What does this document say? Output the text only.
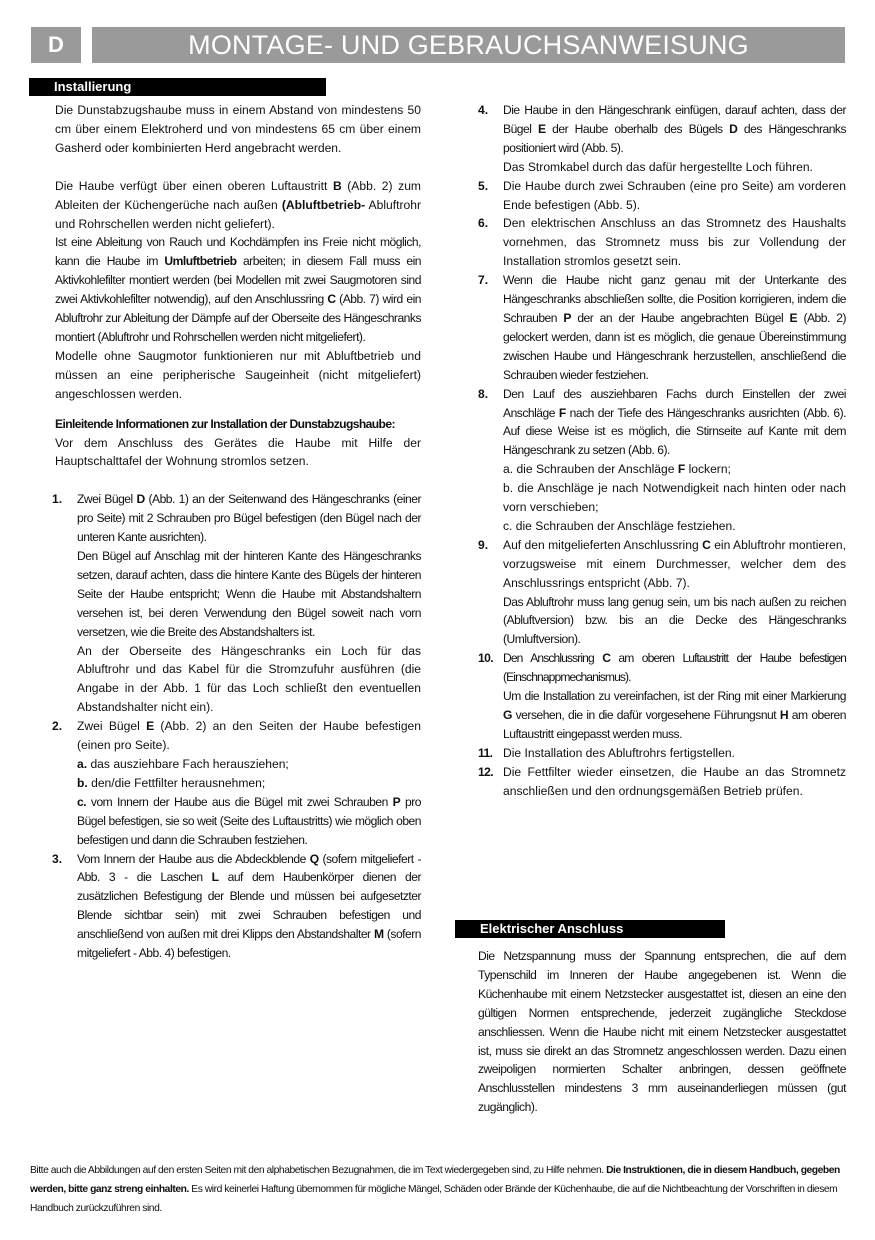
D	MONTAGE- UND GEBRAUCHSANWEISUNG
Installierung

Die Dunstabzugshaube muss in einem Abstand von mindestens 50 cm über einem Elektroherd und von mindestens 65 cm über einem Gasherd oder kombinierten Herd angebracht werden.

Die Haube verfügt über einen oberen Luftaustritt B (Abb. 2) zum Ableiten der Küchengerüche nach außen (Abluftbetrieb- Abluftrohr und Rohrschellen werden nicht geliefert).

Ist eine Ableitung von Rauch und Kochdämpfen ins Freie nicht möglich, kann die Haube im Umluftbetrieb arbeiten; in diesem Fall muss ein Aktivkohlefilter montiert werden (bei Modellen mit zwei Saugmotoren sind zwei Aktivkohlefilter notwendig), auf den Anschlussring C (Abb. 7) wird ein Abluftrohr zur Ableitung der Dämpfe auf der Oberseite des Hängeschranks montiert (Abluftrohr und Rohrschellen werden nicht mitgeliefert).

Modelle ohne Saugmotor funktionieren nur mit Abluftbetrieb und müssen an eine peripherische Saugeinheit (nicht mitgeliefert) angeschlossen werden.

Einleitende Informationen zur Installation der Dunstabzugshaube:

Vor dem Anschluss des Gerätes die Haube mit Hilfe der Hauptschalttafel der Wohnung stromlos setzen.

1.	Zwei Bügel D (Abb. 1) an der Seitenwand des Hängeschranks (einer pro Seite) mit 2 Schrauben pro Bügel befestigen (den Bügel nach der unteren Kante ausrichten).

Den Bügel auf Anschlag mit der hinteren Kante des Hängeschranks setzen, darauf achten, dass die hintere Kante des Bügels der hinteren Seite der Haube entspricht; Wenn die Haube mit Abstandshaltern versehen ist, bei deren Verwendung den Bügel soweit nach vorn versetzen, wie die Breite des Abstandshalters ist.

An der Oberseite des Hängeschranks ein Loch für das Abluftrohr und das Kabel für die Stromzufuhr ausführen (die Angabe in der Abb. 1 für das Loch schließt den eventuellen Abstandshalter nicht ein).

2.	Zwei Bügel E (Abb. 2) an den Seiten der Haube befestigen (einen pro Seite).

a. das ausziehbare Fach herausziehen;

b. den/die Fettfilter herausnehmen;

c. vom Innern der Haube aus die Bügel mit zwei Schrauben P pro Bügel befestigen, sie so weit (Seite des Luftaustritts) wie möglich oben befestigen und dann die Schrauben festziehen.

3.	Vom Innern der Haube aus die Abdeckblende Q (sofern mitgeliefert - Abb. 3 - die Laschen L auf dem Haubenkörper dienen der zusätzlichen Befestigung der Blende und müssen bei aufgesetzter Blende sichtbar sein) mit zwei Schrauben befestigen und anschließend von außen mit drei Klipps den Abstandshalter M (sofern mitgeliefert - Abb. 4) befestigen.

4.	Die Haube in den Hängeschrank einfügen, darauf achten, dass der Bügel E der Haube oberhalb des Bügels D des Hängeschranks positioniert wird (Abb. 5).

Das Stromkabel durch das dafür hergestellte Loch führen.

5.	Die Haube durch zwei Schrauben (eine pro Seite) am vorderen Ende befestigen (Abb. 5).

6.	Den elektrischen Anschluss an das Stromnetz des Haushalts vornehmen, das Stromnetz muss bis zur Vollendung der Installation stromlos gesetzt sein.

7.	Wenn die Haube nicht ganz genau mit der Unterkante des Hängeschranks abschließen sollte, die Position korrigieren, indem die Schrauben P der an der Haube angebrachten Bügel E (Abb. 2) gelockert werden, dann ist es möglich, die genaue Übereinstimmung zwischen Haube und Hängeschrank herzustellen, anschließend die Schrauben wieder festziehen.

8.	Den Lauf des ausziehbaren Fachs durch Einstellen der zwei Anschläge F nach der Tiefe des Hängeschranks ausrichten (Abb. 6). Auf diese Weise ist es möglich, die Stirnseite auf Kante mit dem Hängeschrank zu setzen (Abb. 6).

a. die Schrauben der Anschläge F lockern;

b. die Anschläge je nach Notwendigkeit nach hinten oder nach vorn verschieben;

c. die Schrauben der Anschläge festziehen.

9.	Auf den mitgelieferten Anschlussring C ein Abluftrohr montieren, vorzugsweise mit einem Durchmesser, welcher dem des Anschlussrings entspricht (Abb. 7).

Das Abluftrohr muss lang genug sein, um bis nach außen zu reichen (Abluftversion) bzw. bis an die Decke des Hängeschranks (Umluftversion).

10. Den Anschlussring C am oberen Luftaustritt der Haube befestigen (Einschnappmechanismus).

Um die Installation zu vereinfachen, ist der Ring mit einer Markierung G versehen, die in die dafür vorgesehene Führungsnut H am oberen Luftaustritt eingepasst werden muss.

11. Die Installation des Abluftrohrs fertigstellen.

12. Die Fettfilter wieder einsetzen, die Haube an das Stromnetz anschließen und den ordnungsgemäßen Betrieb prüfen.

Elektrischer Anschluss

Die Netzspannung muss der Spannung entsprechen, die auf dem Typenschild im Inneren der Haube angegebenen ist. Wenn die Küchenhaube mit einem Netzstecker ausgestattet ist, diesen an eine den gültigen Normen entsprechende, jederzeit zugängliche Steckdose anschliessen. Wenn die Haube nicht mit einem Netzstecker ausgestattet ist, muss sie direkt an das Stromnetz angeschlossen werden. Dazu einen zweipoligen normierten Schalter anbringen, dessen geöffnete Anschlusstellen mindestens 3 mm auseinanderliegen müssen (gut zugänglich).

Bitte auch die Abbildungen auf den ersten Seiten mit den alphabetischen Bezugnahmen, die im Text wiedergegeben sind, zu Hilfe nehmen. Die Instruktionen, die in diesem Handbuch, gegeben werden, bitte ganz streng einhalten. Es wird keinerlei Haftung übernommen für mögliche Mängel, Schäden oder Brände der Küchenhaube, die auf die Nichtbeachtung der Vorschriften in diesem Handbuch zurückzuführen sind.
